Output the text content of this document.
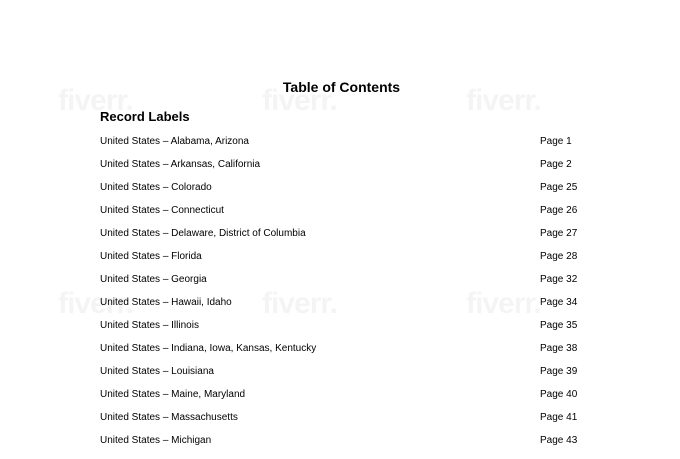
Table of Contents
Record Labels
United States – Alabama, Arizona	Page 1
United States – Arkansas, California	Page 2
United States – Colorado	Page 25
United States – Connecticut	Page 26
United States – Delaware, District of Columbia	Page 27
United States – Florida	Page 28
United States – Georgia	Page 32
United States – Hawaii, Idaho	Page 34
United States – Illinois	Page 35
United States – Indiana, Iowa, Kansas, Kentucky	Page 38
United States – Louisiana	Page 39
United States – Maine, Maryland	Page 40
United States – Massachusetts	Page 41
United States – Michigan	Page 43
